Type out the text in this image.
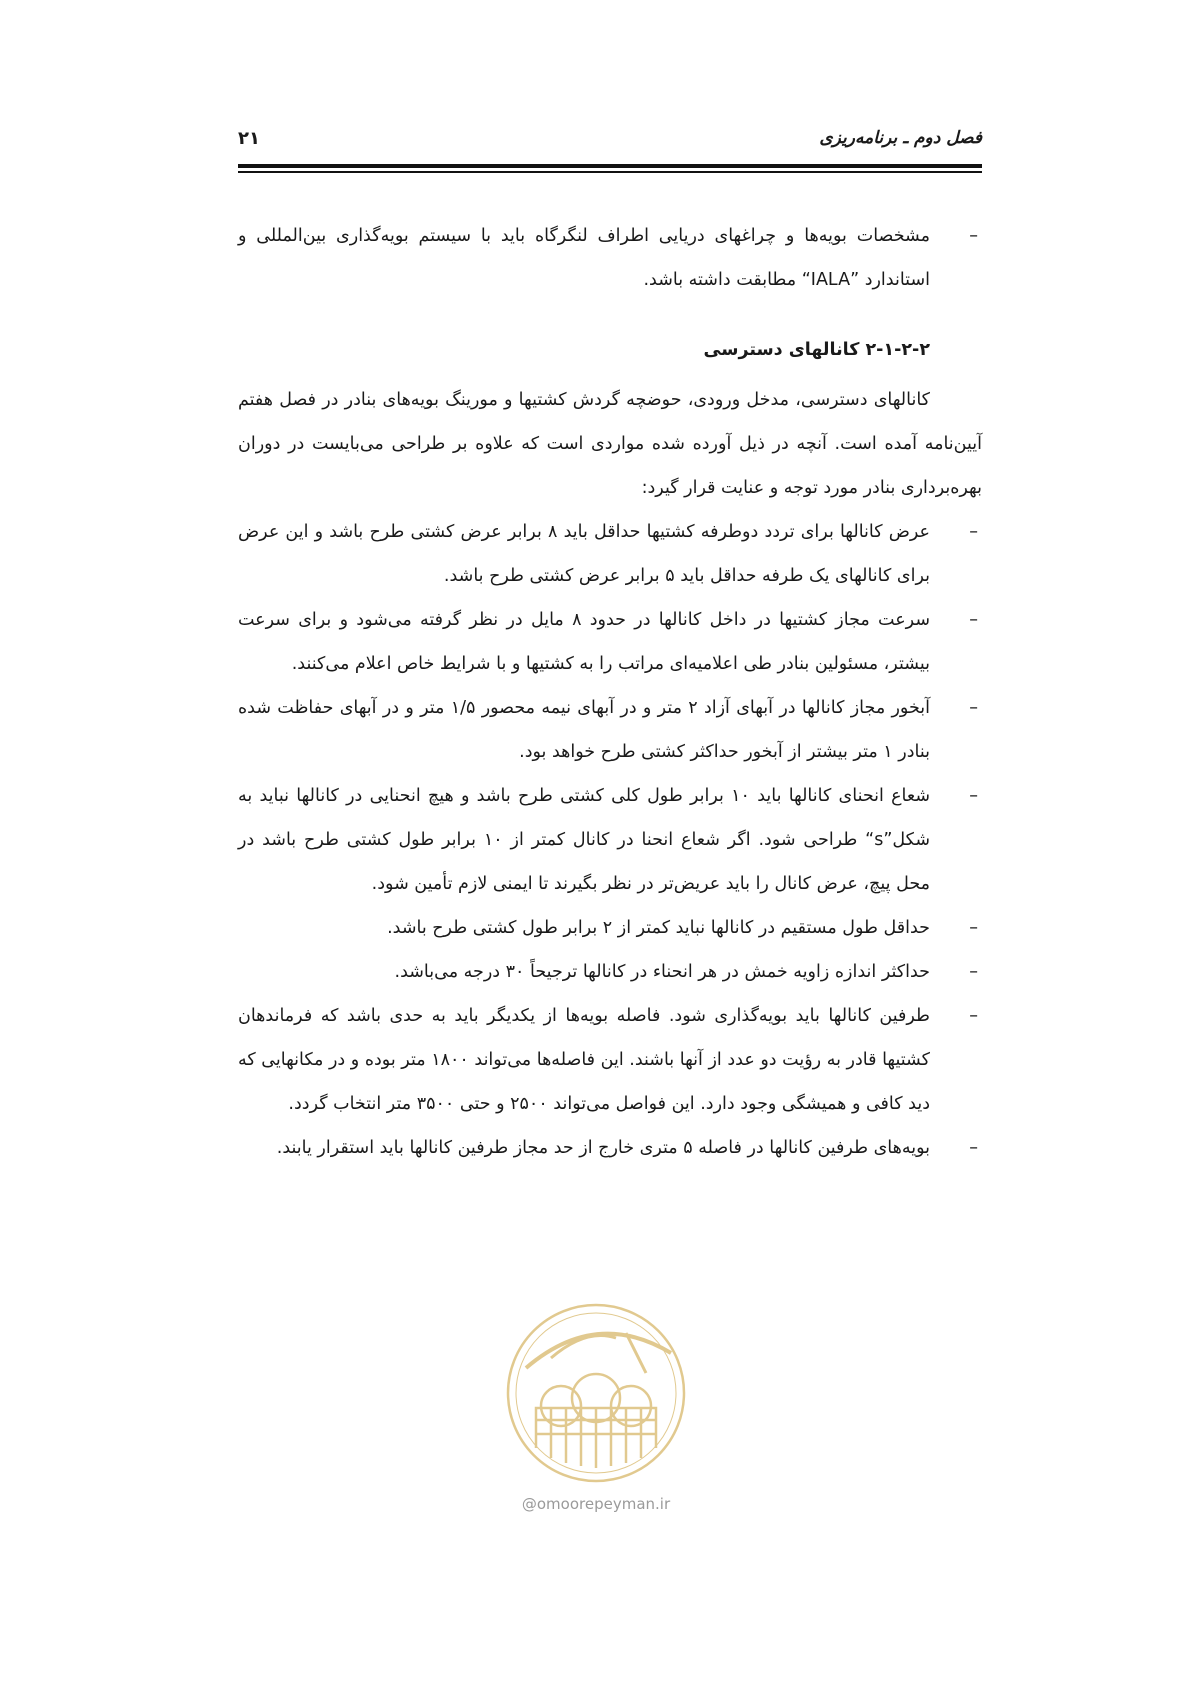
فصل دوم ـ برنامه‌ریزی
۲۱
–
مشخصات بویه‌ها و چراغهای دریایی اطراف لنگرگاه باید با سیستم بویه‌گذاری بین‌المللی و استاندارد ”IALA“ مطابقت داشته باشد.
۲-۱-۲-۲ کانالهای دسترسی
کانالهای دسترسی، مدخل ورودی، حوضچه گردش کشتیها و مورینگ بویه‌های بنادر در فصل هفتم آیین‌نامه آمده است. آنچه در ذیل آورده شده مواردی است که علاوه بر طراحی می‌بایست در دوران بهره‌برداری بنادر مورد توجه و عنایت قرار گیرد:
–
عرض کانالها برای تردد دوطرفه کشتیها حداقل باید ۸ برابر عرض کشتی طرح باشد و این عرض برای کانالهای یک طرفه حداقل باید ۵ برابر عرض کشتی طرح باشد.
–
سرعت مجاز کشتیها در داخل کانالها در حدود ۸ مایل در نظر گرفته می‌شود و برای سرعت بیشتر، مسئولین بنادر طی اعلامیه‌ای مراتب را به کشتیها و با شرایط خاص اعلام می‌کنند.
–
آبخور مجاز کانالها در آبهای آزاد ۲ متر و در آبهای نیمه محصور ۱/۵ متر و در آبهای حفاظت شده بنادر ۱ متر بیشتر از آبخور حداکثر کشتی طرح خواهد بود.
–
شعاع انحنای کانالها باید ۱۰ برابر طول کلی کشتی طرح باشد و هیچ انحنایی در کانالها نباید به شکل”s“ طراحی شود. اگر شعاع انحنا در کانال کمتر از ۱۰ برابر طول کشتی طرح باشد در محل پیچ، عرض کانال را باید عریض‌تر در نظر بگیرند تا ایمنی لازم تأمین شود.
–
حداقل طول مستقیم در کانالها نباید کمتر از ۲ برابر طول کشتی طرح باشد.
–
حداکثر اندازه زاویه خمش در هر انحناء در کانالها ترجیحاً ۳۰ درجه می‌باشد.
–
طرفین کانالها باید بویه‌گذاری شود. فاصله بویه‌ها از یکدیگر باید به حدی باشد که فرماندهان کشتیها قادر به رؤیت دو عدد از آنها باشند. این فاصله‌ها می‌تواند ۱۸۰۰ متر بوده و در مکانهایی که دید کافی و همیشگی وجود دارد. این فواصل می‌تواند ۲۵۰۰ و حتی ۳۵۰۰ متر انتخاب گردد.
–
بویه‌های طرفین کانالها در فاصله ۵ متری خارج از حد مجاز طرفین کانالها باید استقرار یابند.
@omoorepeyman.ir
